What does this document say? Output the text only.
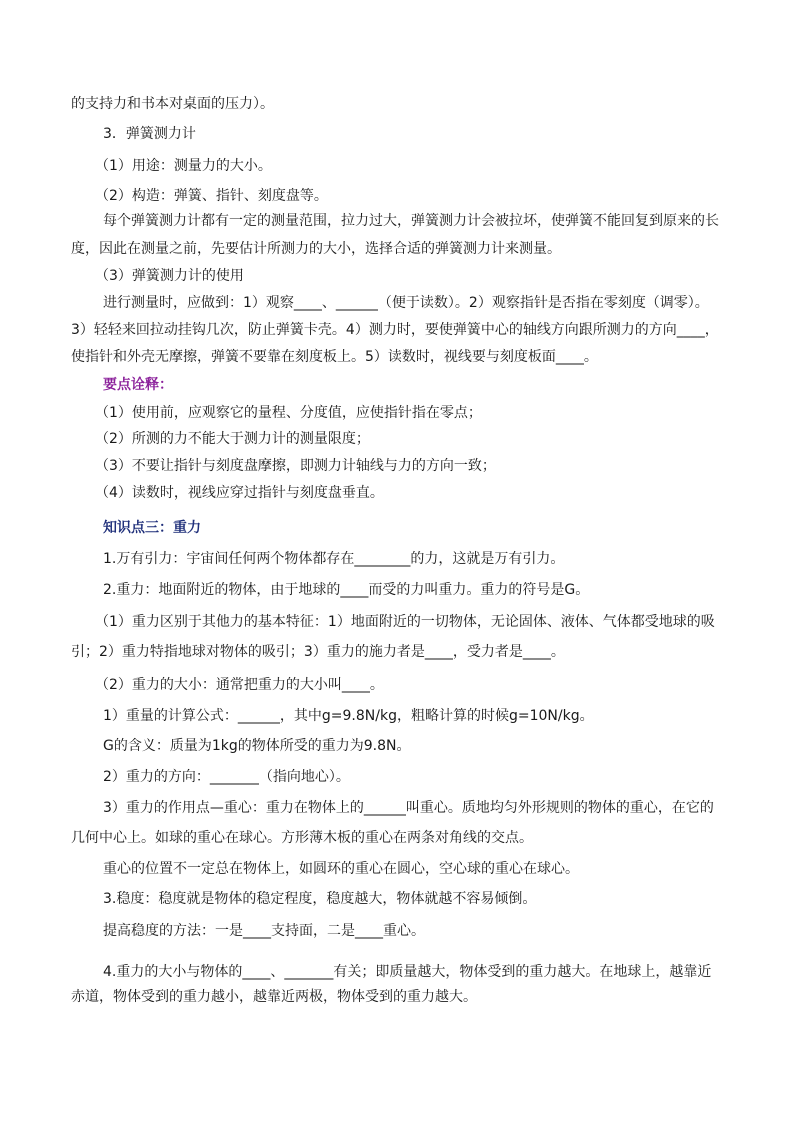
的支持力和书本对桌面的压力）。
3．弹簧测力计
（1）用途：测量力的大小。
（2）构造：弹簧、指针、刻度盘等。
每个弹簧测力计都有一定的测量范围，拉力过大，弹簧测力计会被拉坏，使弹簧不能回复到原来的长
度，因此在测量之前，先要估计所测力的大小，选择合适的弹簧测力计来测量。
（3）弹簧测力计的使用
进行测量时，应做到：1）观察____、______（便于读数）。2）观察指针是否指在零刻度（调零）。
3）轻轻来回拉动挂钩几次，防止弹簧卡壳。4）测力时，要使弹簧中心的轴线方向跟所测力的方向____，
使指针和外壳无摩擦，弹簧不要靠在刻度板上。5）读数时，视线要与刻度板面____。
要点诠释：
（1）使用前，应观察它的量程、分度值，应使指针指在零点；
（2）所测的力不能大于测力计的测量限度；
（3）不要让指针与刻度盘摩擦，即测力计轴线与力的方向一致；
（4）读数时，视线应穿过指针与刻度盘垂直。
知识点三：重力
1.万有引力：宇宙间任何两个物体都存在________的力，这就是万有引力。
2.重力：地面附近的物体，由于地球的____而受的力叫重力。重力的符号是G。
（1）重力区别于其他力的基本特征：1）地面附近的一切物体，无论固体、液体、气体都受地球的吸
引；2）重力特指地球对物体的吸引；3）重力的施力者是____，受力者是____。
（2）重力的大小：通常把重力的大小叫____。
1）重量的计算公式：______，其中g=9.8N/kg，粗略计算的时候g=10N/kg。
G的含义：质量为1kg的物体所受的重力为9.8N。
2）重力的方向：_______（指向地心）。
3）重力的作用点—重心：重力在物体上的______叫重心。质地均匀外形规则的物体的重心，在它的
几何中心上。如球的重心在球心。方形薄木板的重心在两条对角线的交点。
重心的位置不一定总在物体上，如圆环的重心在圆心，空心球的重心在球心。
3.稳度：稳度就是物体的稳定程度，稳度越大，物体就越不容易倾倒。
提高稳度的方法：一是____支持面，二是____重心。
4.重力的大小与物体的____、_______有关；即质量越大，物体受到的重力越大。在地球上，越靠近
赤道，物体受到的重力越小，越靠近两极，物体受到的重力越大。
